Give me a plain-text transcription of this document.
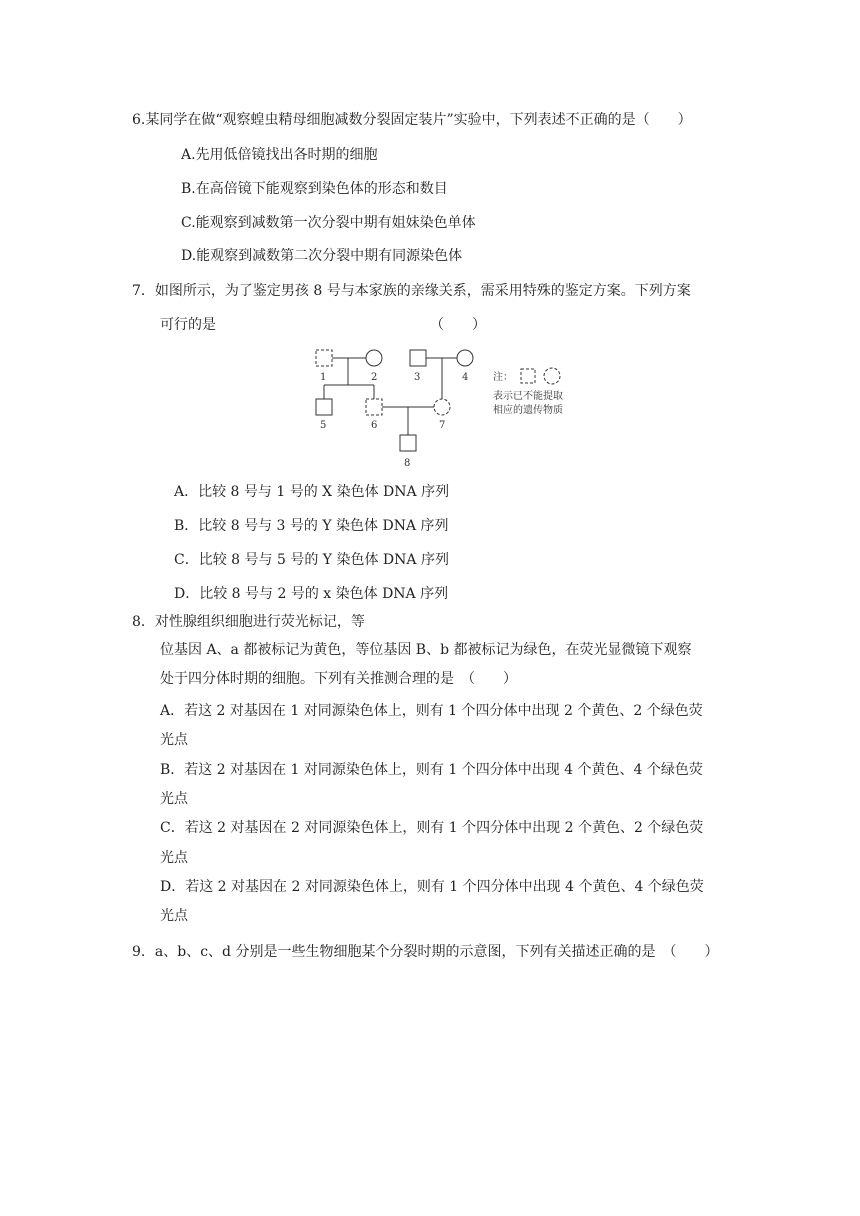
6.某同学在做“观察蝗虫精母细胞减数分裂固定装片”实验中，下列表述不正确的是（　　）
A.先用低倍镜找出各时期的细胞
B.在高倍镜下能观察到染色体的形态和数目
C.能观察到减数第一次分裂中期有姐妹染色单体
D.能观察到减数第二次分裂中期有同源染色体
7．如图所示，为了鉴定男孩 8 号与本家族的亲缘关系，需采用特殊的鉴定方案。下列方案
可行的是	（　　）
1	2	3	4
5	6	7
8
注：
表示已不能提取
相应的遗传物质
A．比较 8 号与 1 号的 X 染色体 DNA 序列
B．比较 8 号与 3 号的 Y 染色体 DNA 序列
C．比较 8 号与 5 号的 Y 染色体 DNA 序列
D．比较 8 号与 2 号的 x 染色体 DNA 序列
8．对性腺组织细胞进行荧光标记，等
位基因 A、a 都被标记为黄色，等位基因 B、b 都被标记为绿色，在荧光显微镜下观察
处于四分体时期的细胞。下列有关推测合理的是　（　　）
A．若这 2 对基因在 1 对同源染色体上，则有 1 个四分体中出现 2 个黄色、2 个绿色荧
光点
B．若这 2 对基因在 1 对同源染色体上，则有 1 个四分体中出现 4 个黄色、4 个绿色荧
光点
C．若这 2 对基因在 2 对同源染色体上，则有 1 个四分体中出现 2 个黄色、2 个绿色荧
光点
D．若这 2 对基因在 2 对同源染色体上，则有 1 个四分体中出现 4 个黄色、4 个绿色荧
光点
9．a、b、c、d 分别是一些生物细胞某个分裂时期的示意图，下列有关描述正确的是　（　　）
